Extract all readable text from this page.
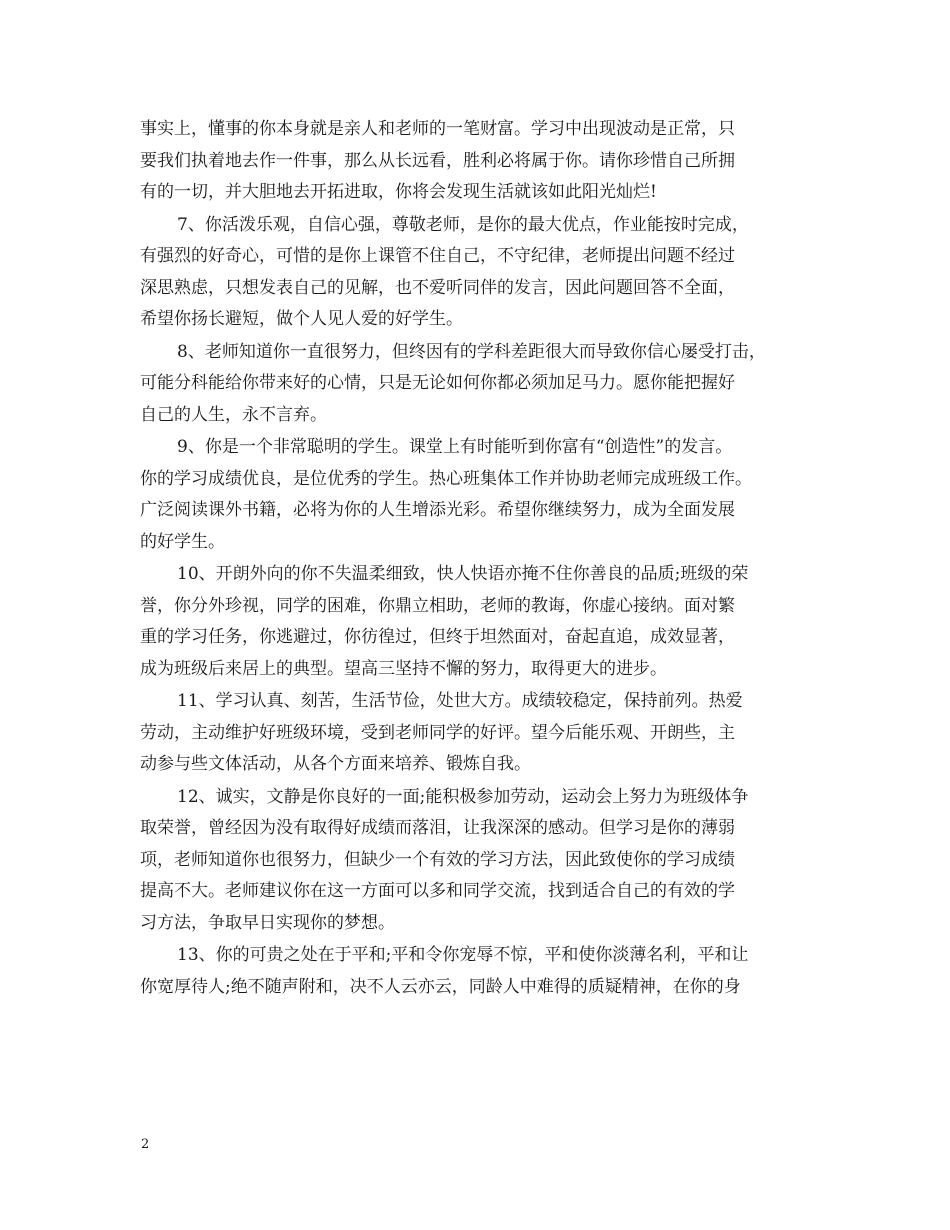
事实上，懂事的你本身就是亲人和老师的一笔财富。学习中出现波动是正常，只
要我们执着地去作一件事，那么从长远看，胜利必将属于你。请你珍惜自己所拥
有的一切，并大胆地去开拓进取，你将会发现生活就该如此阳光灿烂!
7、你活泼乐观，自信心强，尊敬老师，是你的最大优点，作业能按时完成，
有强烈的好奇心，可惜的是你上课管不住自己，不守纪律，老师提出问题不经过
深思熟虑，只想发表自己的见解，也不爱听同伴的发言，因此问题回答不全面，
希望你扬长避短，做个人见人爱的好学生。
8、老师知道你一直很努力，但终因有的学科差距很大而导致你信心屡受打击，
可能分科能给你带来好的心情，只是无论如何你都必须加足马力。愿你能把握好
自己的人生，永不言弃。
9、你是一个非常聪明的学生。课堂上有时能听到你富有“创造性”的发言。
你的学习成绩优良，是位优秀的学生。热心班集体工作并协助老师完成班级工作。
广泛阅读课外书籍，必将为你的人生增添光彩。希望你继续努力，成为全面发展
的好学生。
10、开朗外向的你不失温柔细致，快人快语亦掩不住你善良的品质;班级的荣
誉，你分外珍视，同学的困难，你鼎立相助，老师的教诲，你虚心接纳。面对繁
重的学习任务，你逃避过，你彷徨过，但终于坦然面对，奋起直追，成效显著，
成为班级后来居上的典型。望高三坚持不懈的努力，取得更大的进步。
11、学习认真、刻苦，生活节俭，处世大方。成绩较稳定，保持前列。热爱
劳动，主动维护好班级环境，受到老师同学的好评。望今后能乐观、开朗些，主
动参与些文体活动，从各个方面来培养、锻炼自我。
12、诚实，文静是你良好的一面;能积极参加劳动，运动会上努力为班级体争
取荣誉，曾经因为没有取得好成绩而落泪，让我深深的感动。但学习是你的薄弱
项，老师知道你也很努力，但缺少一个有效的学习方法，因此致使你的学习成绩
提高不大。老师建议你在这一方面可以多和同学交流，找到适合自己的有效的学
习方法，争取早日实现你的梦想。
13、你的可贵之处在于平和;平和令你宠辱不惊，平和使你淡薄名利，平和让
你宽厚待人;绝不随声附和，决不人云亦云，同龄人中难得的质疑精神，在你的身
2
